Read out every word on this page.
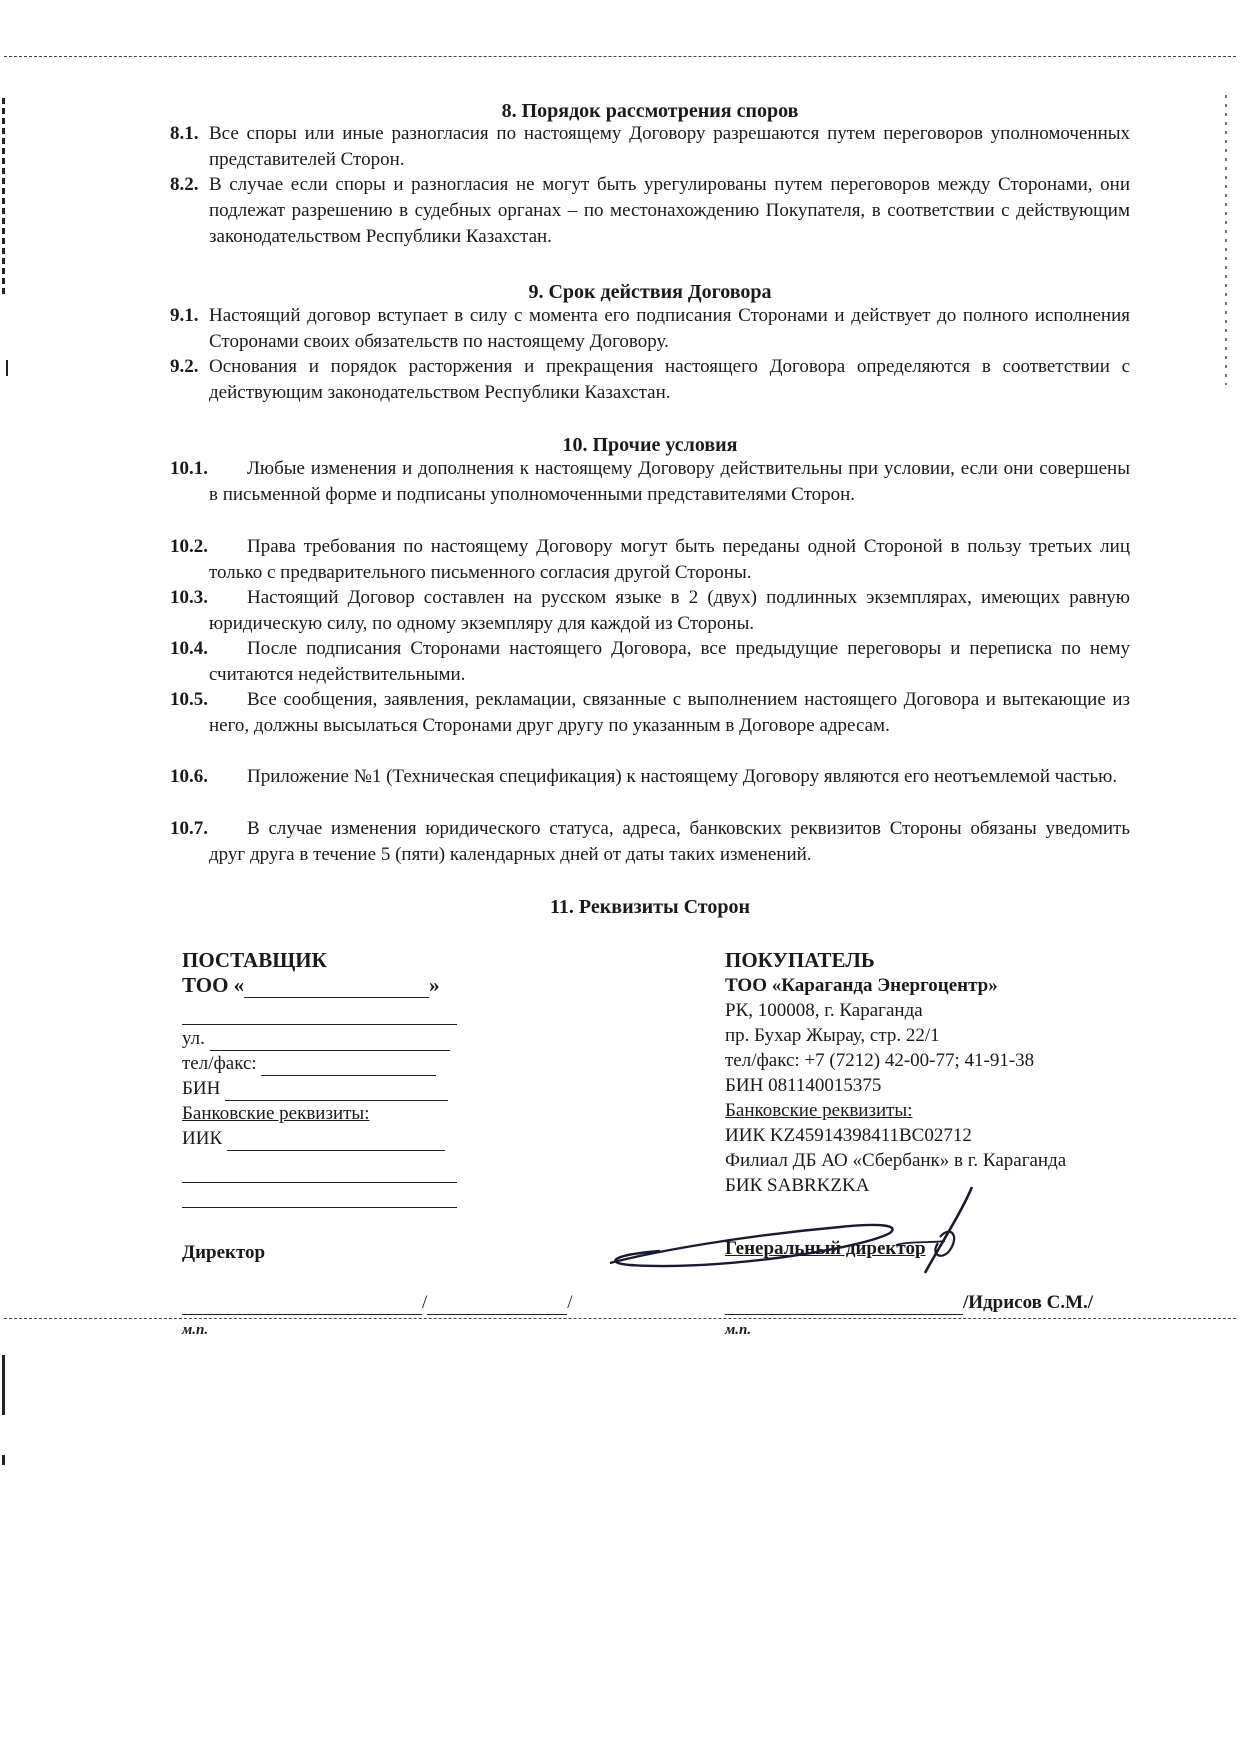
8. Порядок рассмотрения споров
8.1. Все споры или иные разногласия по настоящему Договору разрешаются путем переговоров уполномоченных представителей Сторон.
8.2. В случае если споры и разногласия не могут быть урегулированы путем переговоров между Сторонами, они подлежат разрешению в судебных органах – по местонахождению Покупателя, в соответствии с действующим законодательством Республики Казахстан.
9. Срок действия Договора
9.1. Настоящий договор вступает в силу с момента его подписания Сторонами и действует до полного исполнения Сторонами своих обязательств по настоящему Договору.
9.2. Основания и порядок расторжения и прекращения настоящего Договора определяются в соответствии с действующим законодательством Республики Казахстан.
10. Прочие условия
10.1.	Любые изменения и дополнения к настоящему Договору действительны при условии, если они совершены в письменной форме и подписаны уполномоченными представителями Сторон.
10.2.	Права требования по настоящему Договору могут быть переданы одной Стороной в пользу третьих лиц только с предварительного письменного согласия другой Стороны.
10.3.	Настоящий Договор составлен на русском языке в 2 (двух) подлинных экземплярах, имеющих равную юридическую силу, по одному экземпляру для каждой из Стороны.
10.4.	После подписания Сторонами настоящего Договора, все предыдущие переговоры и переписка по нему считаются недействительными.
10.5.	Все сообщения, заявления, рекламации, связанные с выполнением настоящего Договора и вытекающие из него, должны высылаться Сторонами друг другу по указанным в Договоре адресам.
10.6.	Приложение №1 (Техническая спецификация) к настоящему Договору являются его неотъемлемой частью.
10.7.	В случае изменения юридического статуса, адреса, банковских реквизитов Стороны обязаны уведомить друг друга в течение 5 (пяти) календарных дней от даты таких изменений.
11. Реквизиты Сторон
ПОСТАВЩИК
ТОО «	»
ул.
тел/факс:
БИН
Банковские реквизиты:
ИИК
Директор
/	/
м.п.
ПОКУПАТЕЛЬ
ТОО «Караганда Энергоцентр»
РК, 100008, г. Караганда
пр. Бухар Жырау, стр. 22/1
тел/факс: +7 (7212) 42-00-77; 41-91-38
БИН 081140015375
Банковские реквизиты:
ИИК KZ45914398411BC02712
Филиал ДБ АО «Сбербанк» в г. Караганда
БИК SABRKZKA
Генеральный директор
/Идрисов С.М./
м.п.
